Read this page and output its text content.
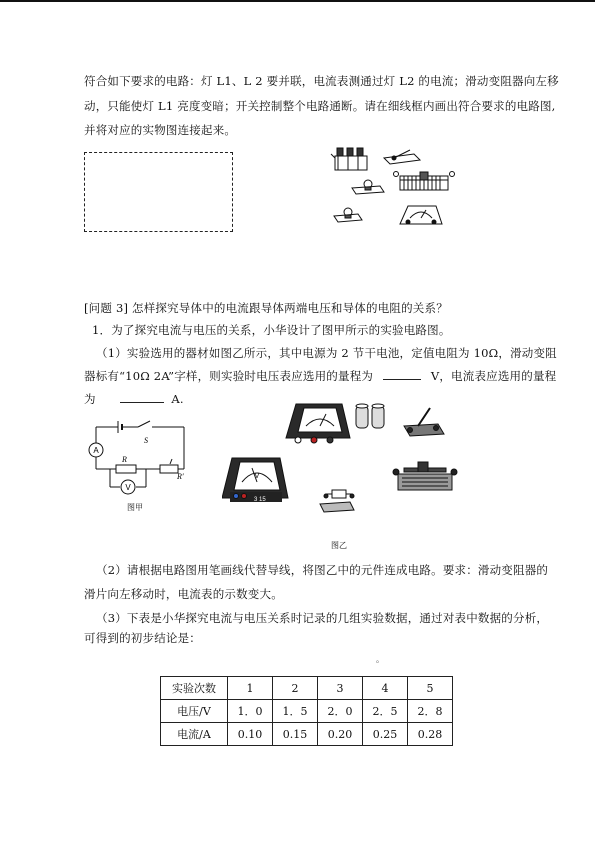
符合如下要求的电路：灯 L1、L 2 要并联，电流表测通过灯 L2 的电流；滑动变阻器向左移
动，只能使灯 L1 亮度变暗；开关控制整个电路通断。请在细线框内画出符合要求的电路图,
并将对应的实物图连接起来。
[问题 3] 怎样探究导体中的电流跟导体两端电压和导体的电阻的关系？
1．为了探究电流与电压的关系，小华设计了图甲所示的实验电路图。
（1）实验选用的器材如图乙所示，其中电源为 2 节干电池，定值电阻为 10Ω，滑动变阻
器标有“10Ω 2A”字样，则实验时电压表应选用的量程为	V，电流表应选用的量程
为	A.
A
V
S
R
R′
图甲
V
3 15
图乙
（2）请根据电路图用笔画线代替导线，将图乙中的元件连成电路。要求：滑动变阻器的
滑片向左移动时，电流表的示数变大。
（3）下表是小华探究电流与电压关系时记录的几组实验数据，通过对表中数据的分析，
可得到的初步结论是：
。
实验次数	1	2	3	4	5
电压/V	1．0	1．5	2．0	2．5	2．8
电流/A	0.10	0.15	0.20	0.25	0.28
